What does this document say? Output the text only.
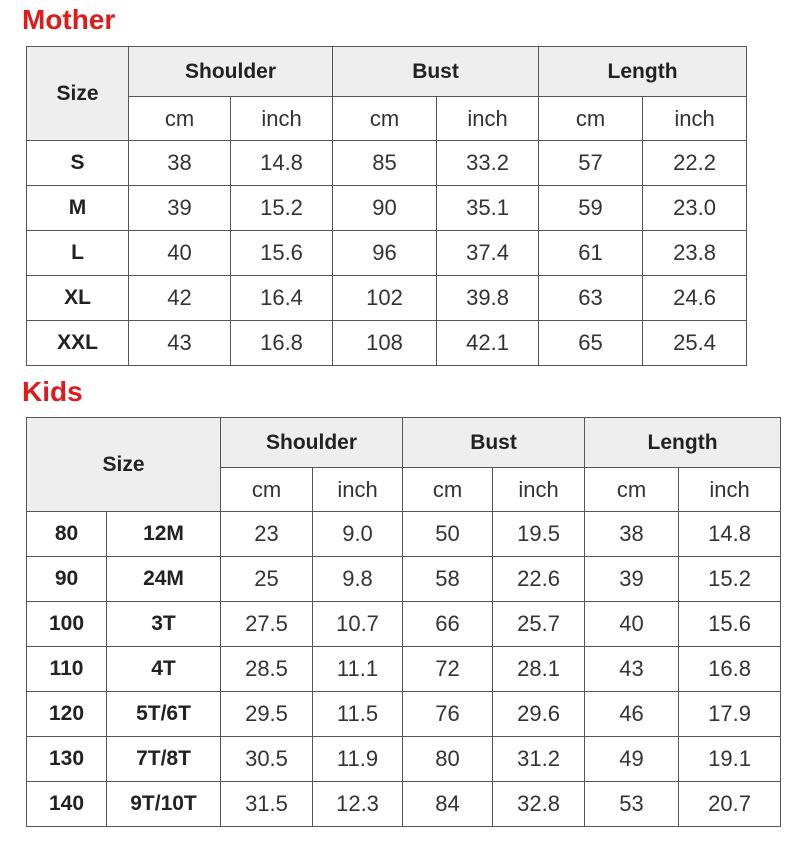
Mother
Size	Shoulder		Bust		Length	
	cm	inch	cm	inch	cm	inch
S	38	14.8	85	33.2	57	22.2
M	39	15.2	90	35.1	59	23.0
L	40	15.6	96	37.4	61	23.8
XL	42	16.4	102	39.8	63	24.6
XXL	43	16.8	108	42.1	65	25.4
Kids
Size		Shoulder		Bust		Length	
		cm	inch	cm	inch	cm	inch
80	12M	23	9.0	50	19.5	38	14.8
90	24M	25	9.8	58	22.6	39	15.2
100	3T	27.5	10.7	66	25.7	40	15.6
110	4T	28.5	11.1	72	28.1	43	16.8
120	5T/6T	29.5	11.5	76	29.6	46	17.9
130	7T/8T	30.5	11.9	80	31.2	49	19.1
140	9T/10T	31.5	12.3	84	32.8	53	20.7
